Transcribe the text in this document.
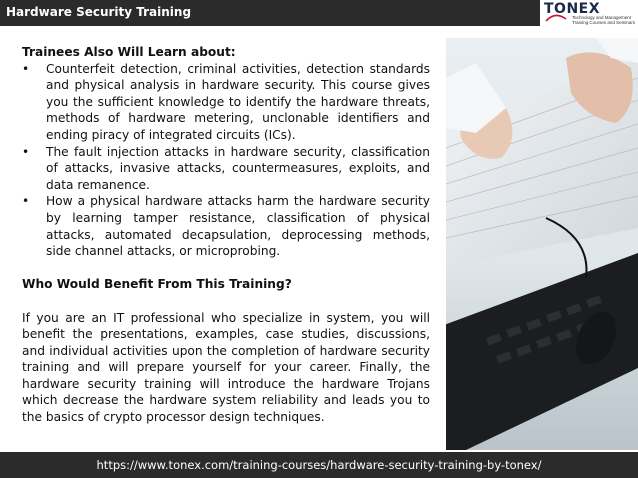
Hardware Security Training	TONEX
Technology and Management Training Courses and Seminars
Trainees Also Will Learn about:
• Counterfeit detection, criminal activities, detection standards and physical analysis in hardware security. This course gives you the sufficient knowledge to identify the hardware threats, methods of hardware metering, unclonable identifiers and ending piracy of integrated circuits (ICs).
• The fault injection attacks in hardware security, classification of attacks, invasive attacks, countermeasures, exploits, and data remanence.
• How a physical hardware attacks harm the hardware security by learning tamper resistance, classification of physical attacks, automated decapsulation, deprocessing methods, side channel attacks, or microprobing.
Who Would Benefit From This Training?
If you are an IT professional who specialize in system, you will benefit the presentations, examples, case studies, discussions, and individual activities upon the completion of hardware security training and will prepare yourself for your career. Finally, the hardware security training will introduce the hardware Trojans which decrease the hardware system reliability and leads you to the basics of crypto processor design techniques.
https://www.tonex.com/training-courses/hardware-security-training-by-tonex/
